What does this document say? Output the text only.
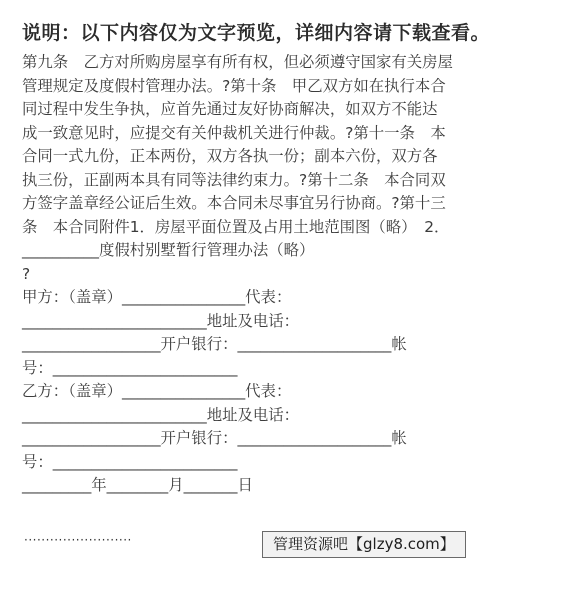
说明：以下内容仅为文字预览，详细内容请下载查看。
第九条　乙方对所购房屋享有所有权，但必须遵守国家有关房屋
管理规定及度假村管理办法。?第十条　甲乙双方如在执行本合
同过程中发生争执，应首先通过友好协商解决，如双方不能达
成一致意见时，应提交有关仲裁机关进行仲裁。?第十一条　本
合同一式九份，正本两份，双方各执一份；副本六份，双方各
执三份，正副两本具有同等法律约束力。?第十二条　本合同双
方签字盖章经公证后生效。本合同未尽事宜另行协商。?第十三
条　本合同附件1．房屋平面位置及占用土地范围图（略）　2．
__________度假村别墅暂行管理办法（略）
?
甲方：（盖章）________________代表：
________________________地址及电话：
__________________开户银行：____________________帐
号：________________________
乙方：（盖章）________________代表：
________________________地址及电话：
__________________开户银行：____________________帐
号：________________________
_________年________月_______日
·························	管理资源吧【glzy8.com】
